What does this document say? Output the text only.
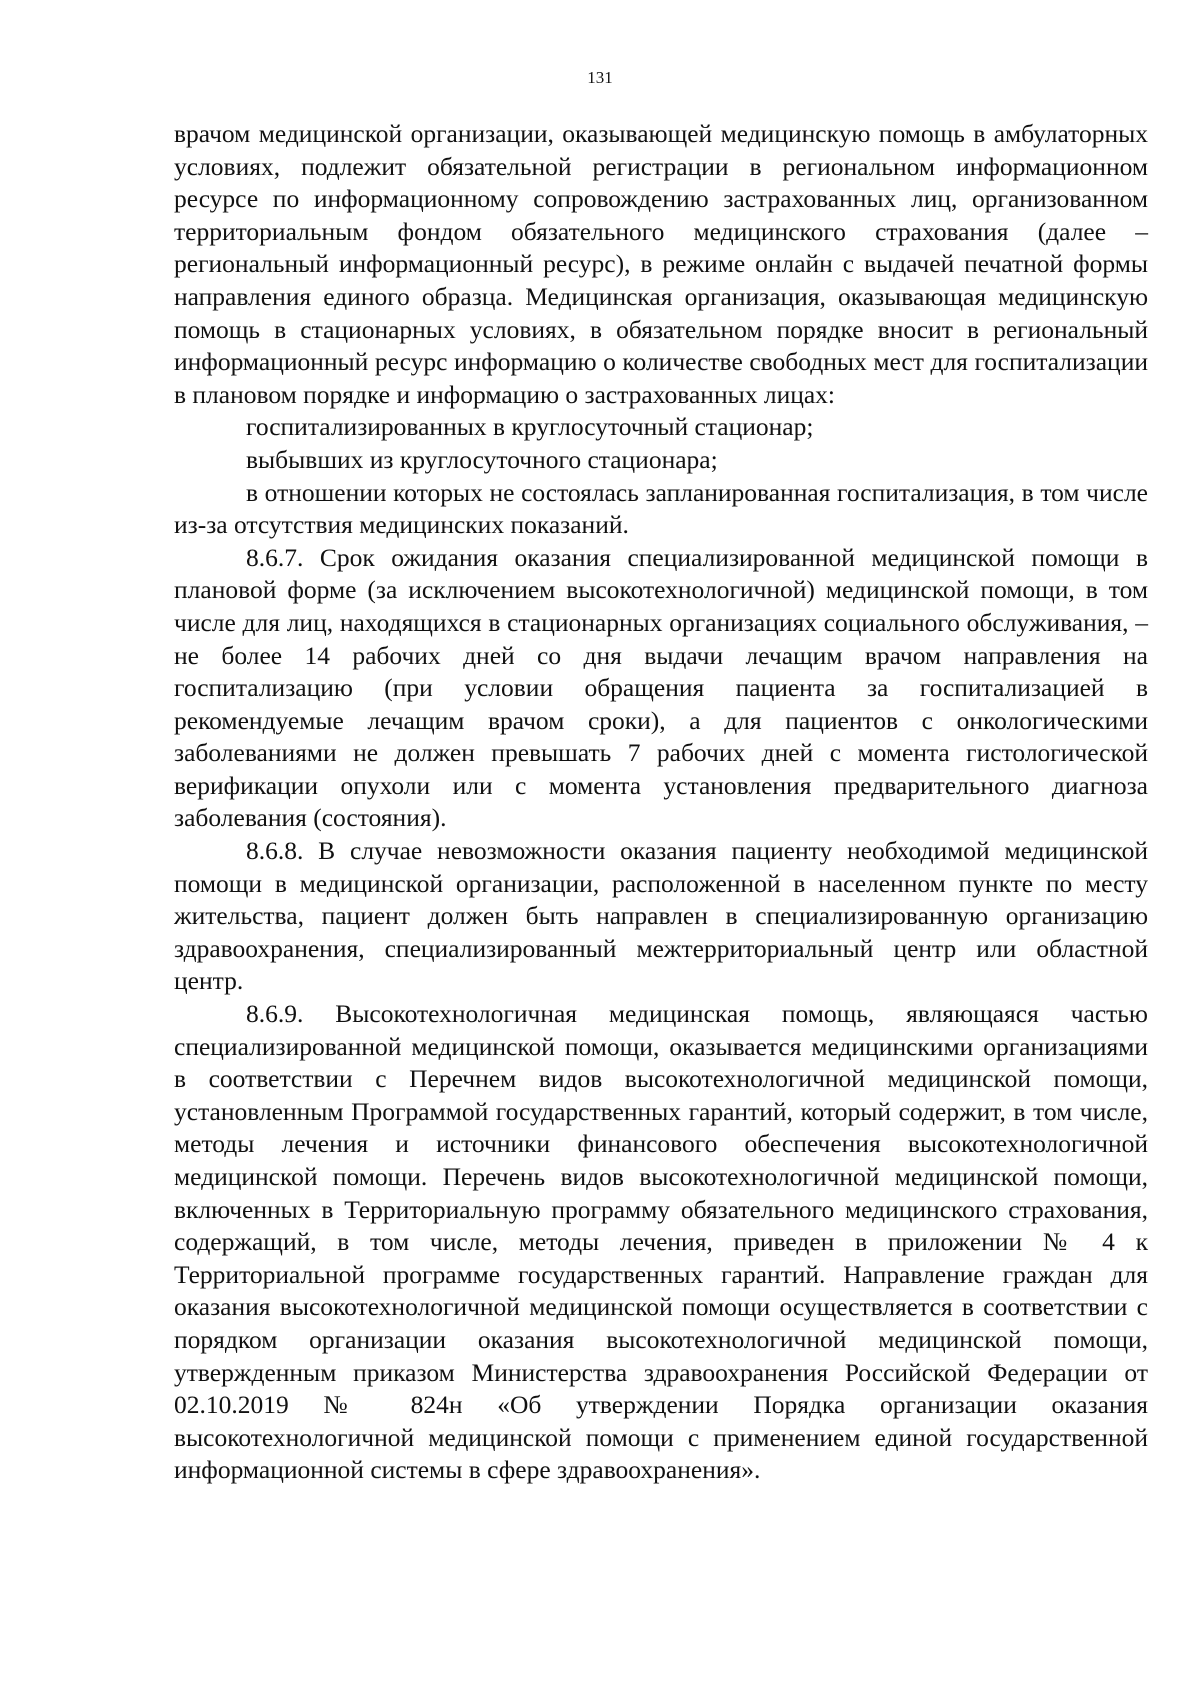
131

врачом медицинской организации, оказывающей медицинскую помощь в амбулаторных условиях, подлежит обязательной регистрации в региональном информационном ресурсе по информационному сопровождению застрахованных лиц, организованном территориальным фондом обязательного медицинского страхования (далее – региональный информационный ресурс), в режиме онлайн с выдачей печатной формы направления единого образца. Медицинская организация, оказывающая медицинскую помощь в стационарных условиях, в обязательном порядке вносит в региональный информационный ресурс информацию о количестве свободных мест для госпитализации в плановом порядке и информацию о застрахованных лицах:

госпитализированных в круглосуточный стационар;

выбывших из круглосуточного стационара;

в отношении которых не состоялась запланированная госпитализация, в том числе из-за отсутствия медицинских показаний.

8.6.7. Срок ожидания оказания специализированной медицинской помощи в плановой форме (за исключением высокотехнологичной) медицинской помощи, в том числе для лиц, находящихся в стационарных организациях социального обслуживания, – не более 14 рабочих дней со дня выдачи лечащим врачом направления на госпитализацию (при условии обращения пациента за госпитализацией в рекомендуемые лечащим врачом сроки), а для пациентов с онкологическими заболеваниями не должен превышать 7 рабочих дней с момента гистологической верификации опухоли или с момента установления предварительного диагноза заболевания (состояния).

8.6.8. В случае невозможности оказания пациенту необходимой медицинской помощи в медицинской организации, расположенной в населенном пункте по месту жительства, пациент должен быть направлен в специализированную организацию здравоохранения, специализированный межтерриториальный центр или областной центр.

8.6.9. Высокотехнологичная медицинская помощь, являющаяся частью специализированной медицинской помощи, оказывается медицинскими организациями в соответствии с Перечнем видов высокотехнологичной медицинской помощи, установленным Программой государственных гарантий, который содержит, в том числе, методы лечения и источники финансового обеспечения высокотехнологичной медицинской помощи. Перечень видов высокотехнологичной медицинской помощи, включенных в Территориальную программу обязательного медицинского страхования, содержащий, в том числе, методы лечения, приведен в приложении № 4 к Территориальной программе государственных гарантий. Направление граждан для оказания высокотехнологичной медицинской помощи осуществляется в соответствии с порядком организации оказания высокотехнологичной медицинской помощи, утвержденным приказом Министерства здравоохранения Российской Федерации от 02.10.2019 № 824н «Об утверждении Порядка организации оказания высокотехнологичной медицинской помощи с применением единой государственной информационной системы в сфере здравоохранения».
